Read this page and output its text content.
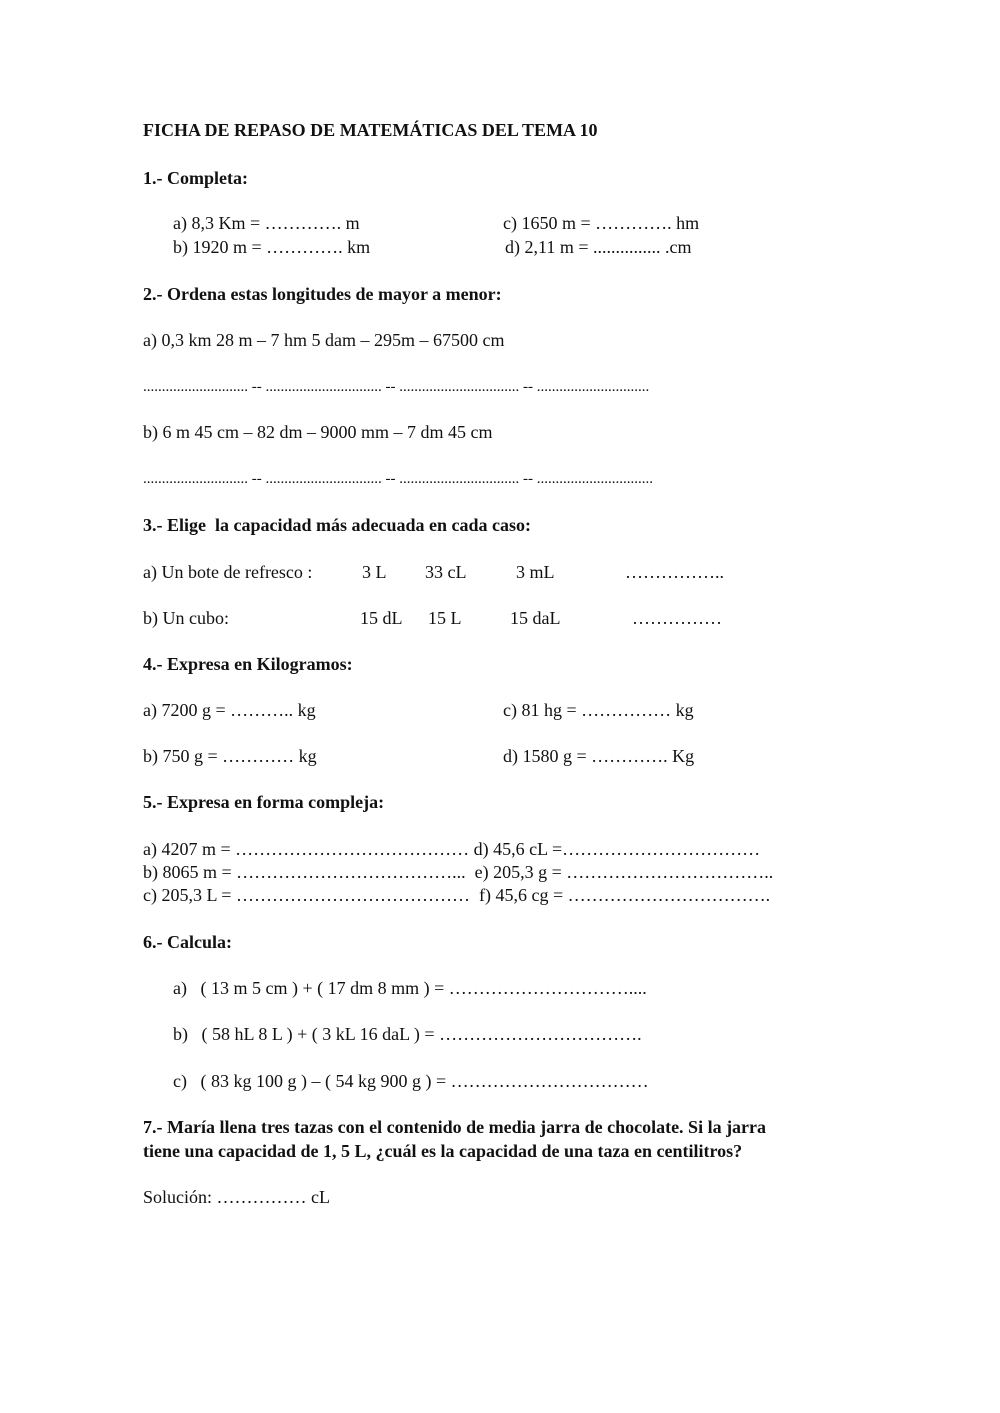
FICHA DE REPASO DE MATEMÁTICAS DEL TEMA 10
1.- Completa:
a) 8,3 Km = …………. m	c) 1650 m = …………. hm
b) 1920 m = …………. km	d) 2,11 m = ............... .cm
2.- Ordena estas longitudes de mayor a menor:
a) 0,3 km 28 m – 7 hm 5 dam – 295m – 67500 cm
............................ -- ............................... -- ................................ -- ..............................
b) 6 m 45 cm – 82 dm – 9000 mm – 7 dm 45 cm
............................ -- ............................... -- ................................ -- ...............................
3.- Elige  la capacidad más adecuada en cada caso:
a) Un bote de refresco :	3 L 33 cL	3 mL	……………..
b) Un cubo:	15 dL 15 L	15 daL	……………
4.- Expresa en Kilogramos:
a) 7200 g = ……….. kg	c) 81 hg = …………… kg
b) 750 g = ………… kg	d) 1580 g = …………. Kg
5.- Expresa en forma compleja:
a) 4207 m = ………………………………… d) 45,6 cL =……………………………
b) 8065 m = ………………………………...  e) 205,3 g = ……………………………..
c) 205,3 L = …………………………………  f) 45,6 cg = …………………………….
6.- Calcula:
a)   ( 13 m 5 cm ) + ( 17 dm 8 mm ) = …………………………....
b)   ( 58 hL 8 L ) + ( 3 kL 16 daL ) = …………………………….
c)   ( 83 kg 100 g ) – ( 54 kg 900 g ) = ……………………………
7.- María llena tres tazas con el contenido de media jarra de chocolate. Si la jarra
tiene una capacidad de 1, 5 L, ¿cuál es la capacidad de una taza en centilitros?
Solución: …………… cL
